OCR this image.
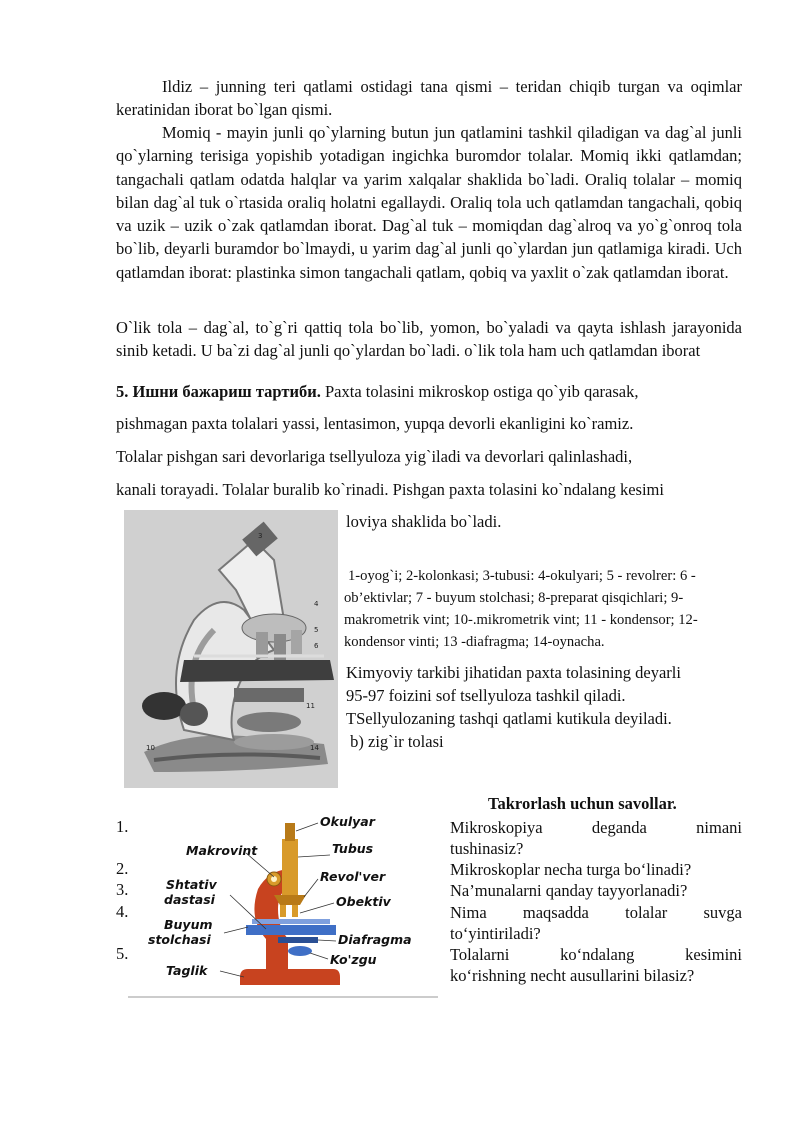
Ildiz – junning teri qatlami ostidagi tana qismi – teridan chiqib turgan va oqimlar keratinidan iborat bo`lgan qismi.

Momiq - mayin junli qo`ylarning butun jun qatlamini tashkil qiladigan va dag`al junli qo`ylarning terisiga yopishib yotadigan ingichka buromdor tolalar. Momiq ikki qatlamdan; tangachali qatlam odatda halqlar va yarim xalqalar shaklida bo`ladi. Oraliq tolalar – momiq bilan dag`al tuk o`rtasida oraliq holatni egallaydi. Oraliq tola uch qatlamdan tangachali, qobiq va uzik – uzik o`zak qatlamdan iborat. Dag`al tuk – momiqdan dag`alroq va yo`g`onroq tola bo`lib, deyarli buramdor bo`lmaydi, u yarim dag`al junli qo`ylardan jun qatlamiga kiradi. Uch qatlamdan iborat: plastinka simon tangachali qatlam, qobiq va yaxlit o`zak qatlamdan iborat.

O`lik tola – dag`al, to`g`ri qattiq tola bo`lib, yomon, bo`yaladi va qayta ishlash jarayonida sinib ketadi. U ba`zi dag`al junli qo`ylardan bo`ladi. o`lik tola ham uch qatlamdan iborat

5. Ишни бажариш тартиби. Paxta tolasini mikroskop ostiga qo`yib qarasak,
pishmagan paxta tolalari yassi, lentasimon, yupqa devorli ekanligini ko`ramiz.
Tolalar pishgan sari devorlariga tsellyuloza yig`iladi va devorlari qalinlashadi,
kanali torayadi. Tolalar buralib ko`rinadi. Pishgan paxta tolasini ko`ndalang kesimi
loviya shaklida bo`ladi.
3
4
5
6
11
14
10

1-oyog`i; 2-kolonkasi; 3-tubusi: 4-okulyari; 5 - revolrer: 6 - ob’ektivlar; 7 - buyum stolchasi; 8-preparat qisqichlari; 9-makrometrik vint; 10-.mikrometrik vint; 11 - kondensor; 12-kondensor vinti; 13 -diafragma; 14-oynacha.

Kimyoviy tarkibi jihatidan paxta tolasining deyarli
95-97 foizini sof tsellyuloza tashkil qiladi.
TSellyulozaning tashqi qatlami kutikula deyiladi.
b) zig`ir tolasi
Takrorlash uchun savollar.
1.
2.
3.
4.
5.
Mikroskopiya deganda nimani
tushinasiz?
Mikroskoplar necha turga bo‘linadi?
Na’munalarni qanday tayyorlanadi?
Nima maqsadda tolalar suvga
to‘yintiriladi?
Tolalarni ko‘ndalang kesimini
ko‘rishning necht ausullarini bilasiz?
Okulyar
Tubus
Makrovint
Revol'ver
Shtativ
dastasi	Obektiv
Buyum
stolchasi	Diafragma
Ko'zgu
Taglik
